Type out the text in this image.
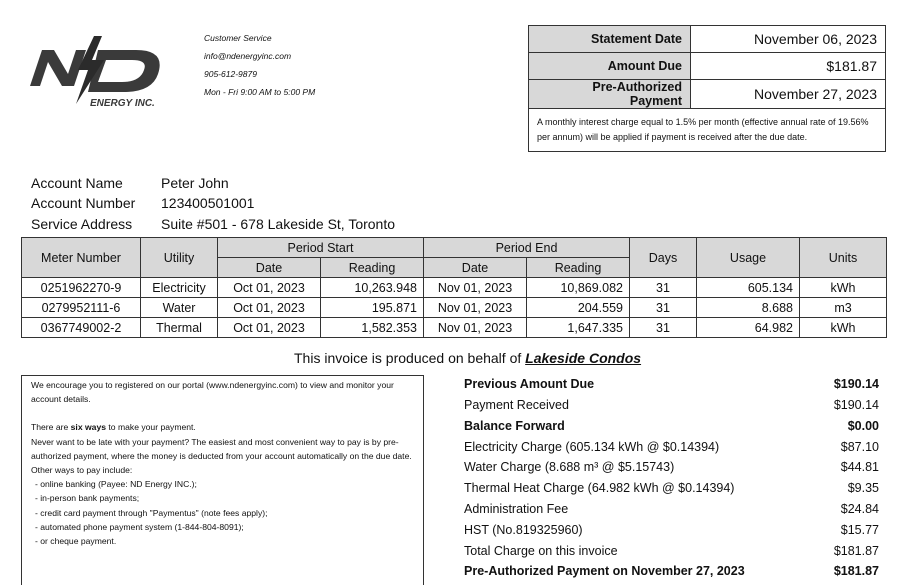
ENERGY INC.
Customer Service
info@ndenergyinc.com
905-612-9879
Mon - Fri 9:00 AM to 5:00 PM
Statement Date	November 06, 2023
Amount Due	$181.87
Pre-Authorized Payment	November 27, 2023
A monthly interest charge equal to 1.5% per month (effective annual rate of 19.56% per annum) will be applied if payment is received after the due date.	
Account Name	Peter John
Account Number 123400501001
Service Address Suite #501 - 678 Lakeside St, Toronto
Meter Number	Utility	Period Start		Period End		Days	Usage	Units
		Date	Reading	Date	Reading			
0251962270-9	Electricity	Oct 01, 2023	10,263.948	Nov 01, 2023	10,869.082	31	605.134	kWh
0279952111-6	Water	Oct 01, 2023	195.871	Nov 01, 2023	204.559	31	8.688	m3
0367749002-2	Thermal	Oct 01, 2023	1,582.353	Nov 01, 2023	1,647.335	31	64.982	kWh
This invoice is produced on behalf of Lakeside Condos

We encourage you to registered on our portal (www.ndenergyinc.com) to view and monitor your account details.

There are six ways to make your payment.

Never want to be late with your payment? The easiest and most convenient way to pay is by pre-authorized payment, where the money is deducted from your account automatically on the due date.

Other ways to pay include:

- online banking (Payee: ND Energy INC.);

- in-person bank payments;

- credit card payment through "Paymentus" (note fees apply);

- automated phone payment system (1-844-804-8091);

- or cheque payment.

Previous Amount Due	$190.14
Payment Received	$190.14
Balance Forward	$0.00
Electricity Charge (605.134 kWh @ $0.14394)	$87.10
Water Charge (8.688 m³ @ $5.15743)	$44.81
Thermal Heat Charge (64.982 kWh @ $0.14394)	$9.35
Administration Fee	$24.84
HST (No.819325960)	$15.77
Total Charge on this invoice	$181.87
Pre-Authorized Payment on November 27, 2023	$181.87
